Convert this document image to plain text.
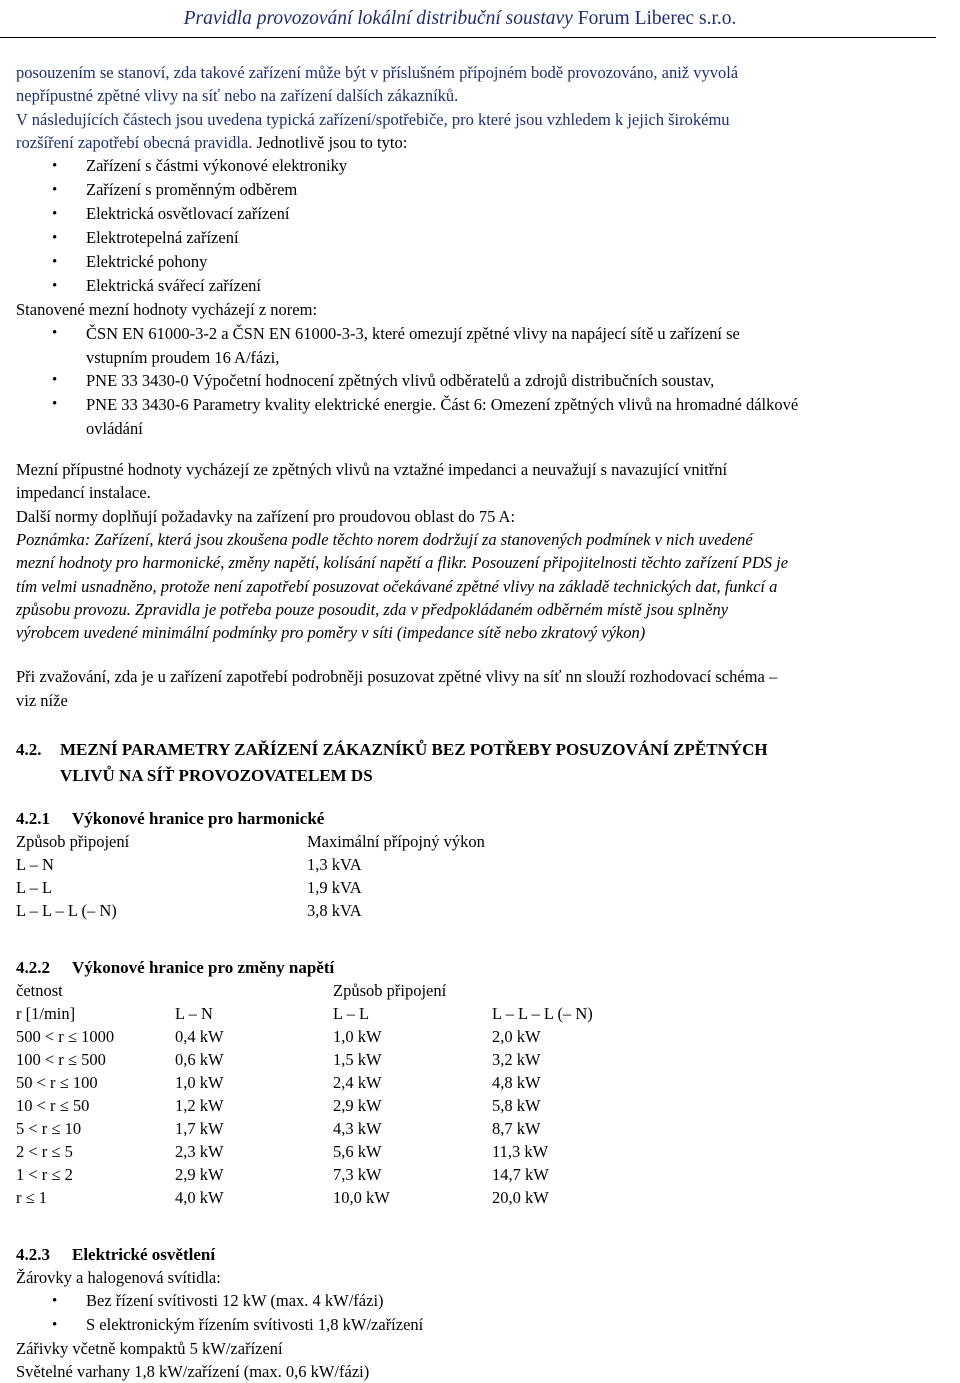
Pravidla provozování lokální distribuční soustavy Forum Liberec s.r.o.

posouzením se stanoví, zda takové zařízení může být v příslušném přípojném bodě provozováno, aniž vyvolá

nepřípustné zpětné vlivy na síť nebo na zařízení dalších zákazníků.

V následujících částech jsou uvedena typická zařízení/spotřebiče, pro které jsou vzhledem k jejich širokému

rozšíření zapotřebí obecná pravidla. Jednotlivě jsou to tyto:

• Zařízení s částmi výkonové elektroniky
• Zařízení s proměnným odběrem
• Elektrická osvětlovací zařízení
• Elektrotepelná zařízení
• Elektrické pohony
• Elektrická svářecí zařízení

Stanovené mezní hodnoty vycházejí z norem:

• ČSN EN 61000-3-2 a ČSN EN 61000-3-3, které omezují zpětné vlivy na napájecí sítě u zařízení se
vstupním proudem 16 A/fázi,
• PNE 33 3430-0 Výpočetní hodnocení zpětných vlivů odběratelů a zdrojů distribučních soustav,
• PNE 33 3430-6 Parametry kvality elektrické energie. Část 6: Omezení zpětných vlivů na hromadné dálkové
ovládání

Mezní přípustné hodnoty vycházejí ze zpětných vlivů na vztažné impedanci a neuvažují s navazující vnitřní

impedancí instalace.

Další normy doplňují požadavky na zařízení pro proudovou oblast do 75 A:

Poznámka: Zařízení, která jsou zkoušena podle těchto norem dodržují za stanovených podmínek v nich uvedené

mezní hodnoty pro harmonické, změny napětí, kolísání napětí a flikr. Posouzení připojitelnosti těchto zařízení PDS je

tím velmi usnadněno, protože není zapotřebí posuzovat očekávané zpětné vlivy na základě technických dat, funkcí a

způsobu provozu. Zpravidla je potřeba pouze posoudit, zda v předpokládaném odběrném místě jsou splněny

výrobcem uvedené minimální podmínky pro poměry v síti (impedance sítě nebo zkratový výkon)

Při zvažování, zda je u zařízení zapotřebí podrobněji posuzovat zpětné vlivy na síť nn slouží rozhodovací schéma –

viz níže

4.2. MEZNÍ PARAMETRY ZAŘÍZENÍ ZÁKAZNÍKŮ BEZ POTŘEBY POSUZOVÁNÍ ZPĚTNÝCH
VLIVŮ NA SÍŤ PROVOZOVATELEM DS
4.2.1 Výkonové hranice pro harmonické
Způsob připojení	Maximální přípojný výkon
L – N	1,3 kVA
L – L	1,9 kVA
L – L – L (– N)	3,8 kVA
4.2.2 Výkonové hranice pro změny napětí
četnost		Způsob připojení	
r [1/min]	L – N	L – L	L – L – L (– N)
500 < r ≤ 1000	0,4 kW	1,0 kW	2,0 kW
100 < r ≤ 500	0,6 kW	1,5 kW	3,2 kW
50 < r ≤ 100	1,0 kW	2,4 kW	4,8 kW
10 < r ≤ 50	1,2 kW	2,9 kW	5,8 kW
5 < r ≤ 10	1,7 kW	4,3 kW	8,7 kW
2 < r ≤ 5	2,3 kW	5,6 kW	11,3 kW
1 < r ≤ 2	2,9 kW	7,3 kW	14,7 kW
r ≤ 1	4,0 kW	10,0 kW	20,0 kW
4.2.3 Elektrické osvětlení

Žárovky a halogenová svítidla:

• Bez řízení svítivosti 12 kW (max. 4 kW/fázi)
• S elektronickým řízením svítivosti 1,8 kW/zařízení

Zářivky včetně kompaktů 5 kW/zařízení

Světelné varhany 1,8 kW/zařízení (max. 0,6 kW/fázi)
